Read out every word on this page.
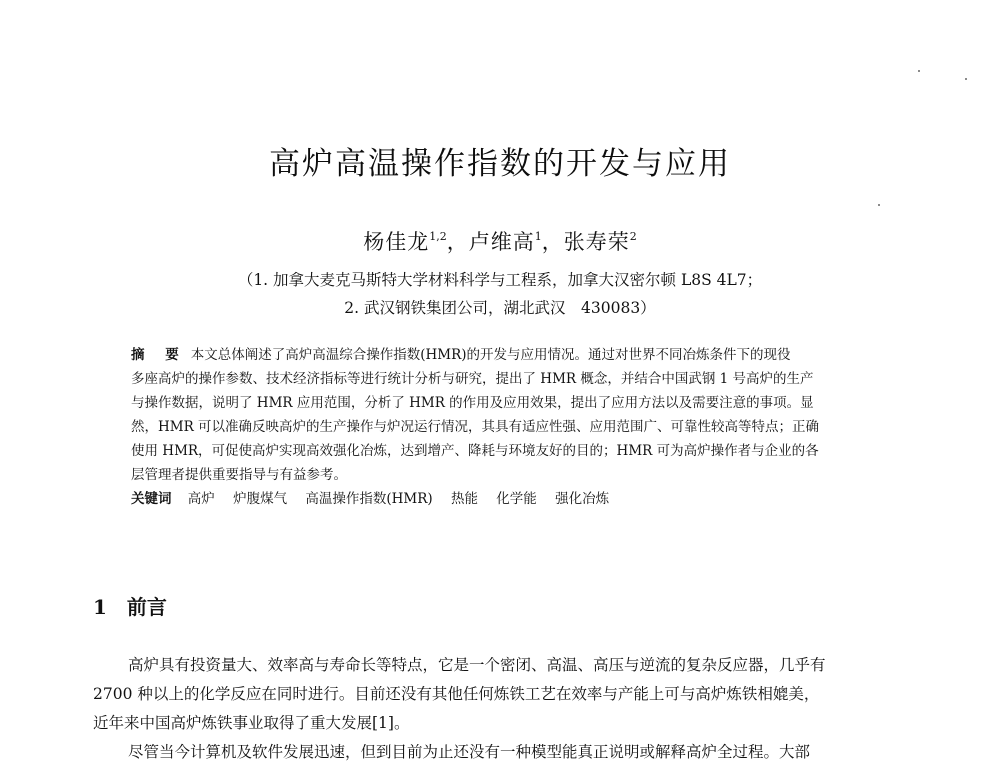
高炉高温操作指数的开发与应用
杨佳龙$^{1,2}$，卢维高$^1$，张寿荣$^2$
（1. 加拿大麦克马斯特大学材料科学与工程系，加拿大汉密尔顿 L8S 4L7；
2. 武汉钢铁集团公司，湖北武汉　430083）

摘 要 本文总体阐述了高炉高温综合操作指数(HMR)的开发与应用情况。通过对世界不同冶炼条件下的现役

多座高炉的操作参数、技术经济指标等进行统计分析与研究，提出了 HMR 概念，并结合中国武钢 1 号高炉的生产

与操作数据，说明了 HMR 应用范围，分析了 HMR 的作用及应用效果，提出了应用方法以及需要注意的事项。显

然，HMR 可以准确反映高炉的生产操作与炉况运行情况，其具有适应性强、应用范围广、可靠性较高等特点；正确

使用 HMR，可促使高炉实现高效强化冶炼，达到增产、降耗与环境友好的目的；HMR 可为高炉操作者与企业的各

层管理者提供重要指导与有益参考。

关键词 高炉 炉腹煤气 高温操作指数(HMR) 热能 化学能 强化冶炼

1 前言

高炉具有投资量大、效率高与寿命长等特点，它是一个密闭、高温、高压与逆流的复杂反应器，几乎有

2700 种以上的化学反应在同时进行。目前还没有其他任何炼铁工艺在效率与产能上可与高炉炼铁相媲美，

近年来中国高炉炼铁事业取得了重大发展[1]。

尽管当今计算机及软件发展迅速，但到目前为止还没有一种模型能真正说明或解释高炉全过程。大部
